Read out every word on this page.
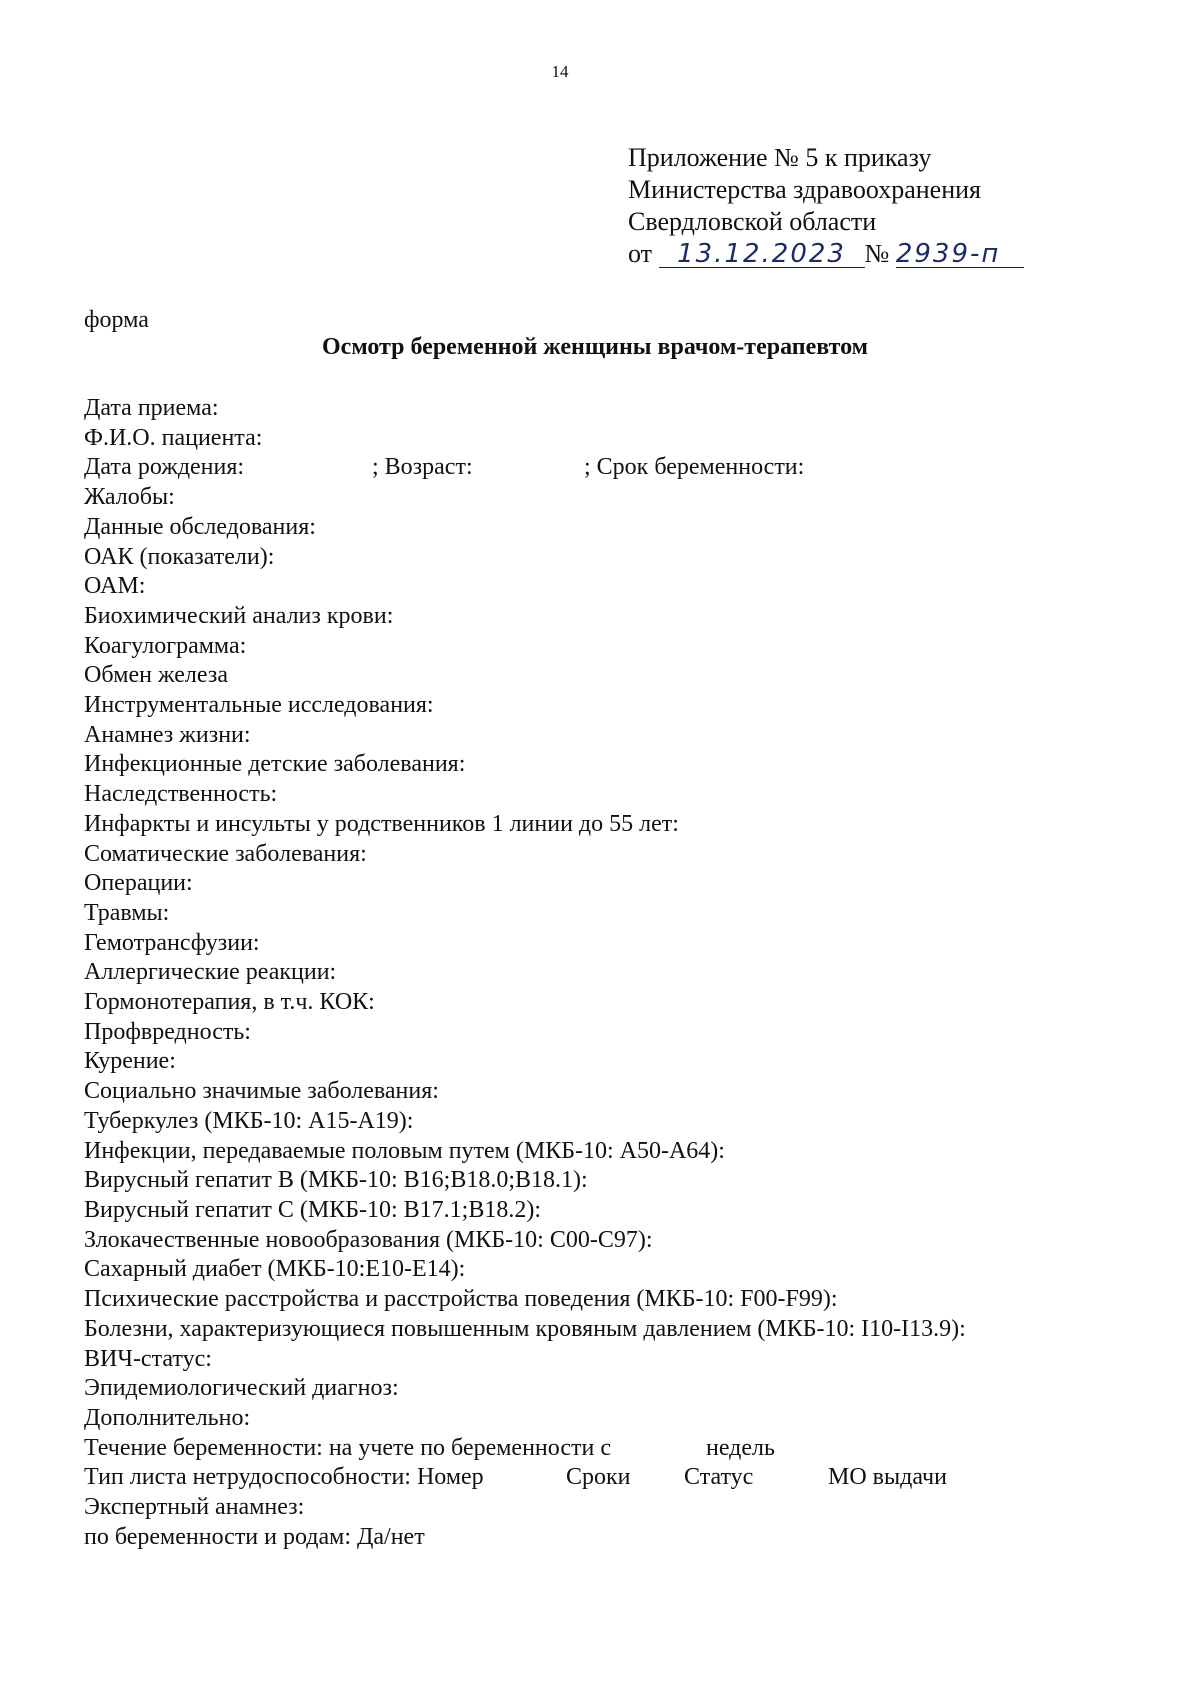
14
Приложение № 5 к приказу
Министерства здравоохранения
Свердловской области
от 13.12.2023 № 2939-п
форма
Осмотр беременной женщины врачом-терапевтом
Дата приема:
Ф.И.О. пациента:
Дата рождения:	; Возраст:	; Срок беременности:
Жалобы:
Данные обследования:
ОАК (показатели):
ОАМ:
Биохимический анализ крови:
Коагулограмма:
Обмен железа
Инструментальные исследования:
Анамнез жизни:
Инфекционные детские заболевания:
Наследственность:
Инфаркты и инсульты у родственников 1 линии до 55 лет:
Соматические заболевания:
Операции:
Травмы:
Гемотрансфузии:
Аллергические реакции:
Гормонотерапия, в т.ч. КОК:
Профвредность:
Курение:
Социально значимые заболевания:
Туберкулез (МКБ-10: А15-А19):
Инфекции, передаваемые половым путем (МКБ-10: А50-А64):
Вирусный гепатит В (МКБ-10: В16;В18.0;В18.1):
Вирусный гепатит С (МКБ-10: В17.1;В18.2):
Злокачественные новообразования (МКБ-10: С00-С97):
Сахарный диабет (МКБ-10:Е10-Е14):
Психические расстройства и расстройства поведения (МКБ-10: F00-F99):
Болезни, характеризующиеся повышенным кровяным давлением (МКБ-10: I10-I13.9):
ВИЧ-статус:
Эпидемиологический диагноз:
Дополнительно:
Течение беременности: на учете по беременности с	недель
Тип листа нетрудоспособности: Номер	Сроки Статус	МО выдачи
Экспертный анамнез:
по беременности и родам: Да/нет
